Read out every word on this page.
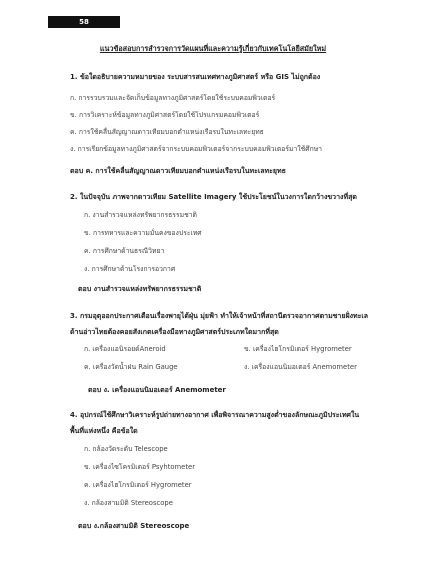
58
แนวข้อสอบการสำรวจการวัดแผนที่และความรู้เกี่ยวกับเทคโนโลยีสมัยใหม่
1. ข้อใดอธิบายความหมายของ ระบบสารสนเทศทางภูมิศาสตร์ หรือ GIS ไม่ถูกต้อง
ก. การรวบรวมและจัดเก็บข้อมูลทางภูมิศาสตร์โดยใช้ระบบคอมพิวเตอร์
ข. การวิเคราะห์ข้อมูลทางภูมิศาสตร์โดยใช้โปรแกรมคอมพิวเตอร์
ค. การใช้คลื่นสัญญาณดาวเทียมบอกตำแหน่งเรือรบในทะเลทะยุทธ
ง. การเรียกข้อมูลทางภูมิศาสตร์จากระบบคอมพิวเตอร์จากระบบคอมพิวเตอร์มาใช้ศึกษา
ตอบ ค. การใช้คลื่นสัญญาณดาวเทียมบอกตำแหน่งเรือรบในทะเลทะยุทธ
2. ในปัจจุบัน ภาพจากดาวเทียม Satellite Imagery ใช้ประโยชน์ในวงการใดกว้างขวางที่สุด
ก. งานสำรวจแหล่งทรัพยากรธรรมชาติ
ข. การทหารและความมั่นคงของประเทศ
ค. การศึกษาด้านธรณีวิทยา
ง. การศึกษาด้านโรงการอวกาศ
ตอบ งานสำรวจแหล่งทรัพยากรธรรมชาติ
3. กรมอุตุออกประกาศเตือนเรื่องพายุไต้ฝุ่น มุ่ยฟ้า ทำให้เจ้าหน้าที่สถานีตรวจอากาศตามชายฝั่งทะเลด้านอ่าวไทยต้องคอยสังเกตเครื่องมือทางภูมิศาสตร์ประเภทใดมากที่สุด
ก. เครื่องแอนิรอยด์Aneroid	ข. เครื่องไฮโกรมิเตอร์ Hygrometer
ค. เครื่องวัดน้ำฝน Rain Gauge	ง. เครื่องแอนนิมอเตอร์ Anemometer
ตอบ ง. เครื่องแอนนิมอเตอร์ Anemometer
4. อุปกรณ์ใช้ศึกษาวิเคราะห์รูปถ่ายทางอากาศ เพื่อพิจารณาความสูงต่ำของลักษณะภูมิประเทศในพื้นที่แห่งหนึ่ง คือข้อใด
ก. กล้องวัดระดับ Telescope
ข. เครื่องไซโครมิเตอร์ Psyhtometer
ค. เครื่องไฮโกรมิเตอร์ Hygrometer
ง. กล้องสามมิติ Stereoscope
ตอบ ง.กล้องสามมิติ Stereoscope
